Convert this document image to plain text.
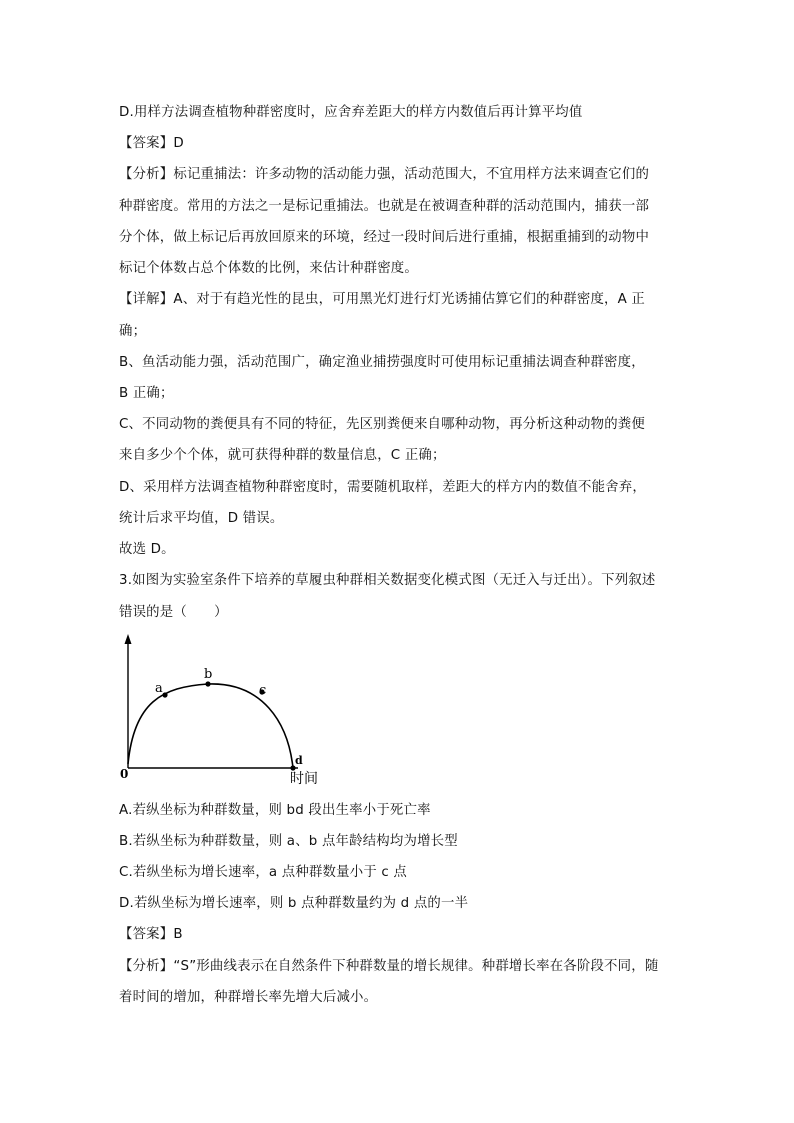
D.用样方法调查植物种群密度时，应舍弃差距大的样方内数值后再计算平均值
【答案】D
【分析】标记重捕法：许多动物的活动能力强，活动范围大，不宜用样方法来调查它们的
种群密度。常用的方法之一是标记重捕法。也就是在被调查种群的活动范围内，捕获一部
分个体，做上标记后再放回原来的环境，经过一段时间后进行重捕，根据重捕到的动物中
标记个体数占总个体数的比例，来估计种群密度。
【详解】A、对于有趋光性的昆虫，可用黑光灯进行灯光诱捕估算它们的种群密度，A 正
确；
B、鱼活动能力强，活动范围广，确定渔业捕捞强度时可使用标记重捕法调查种群密度，
B 正确；
C、不同动物的粪便具有不同的特征，先区别粪便来自哪种动物，再分析这种动物的粪便
来自多少个个体，就可获得种群的数量信息，C 正确；
D、采用样方法调查植物种群密度时，需要随机取样，差距大的样方内的数值不能舍弃，
统计后求平均值，D 错误。
故选 D。
3.如图为实验室条件下培养的草履虫种群相关数据变化模式图（无迁入与迁出）。下列叙述
错误的是（　　）
a
b
c
d
0	时间
A.若纵坐标为种群数量，则 bd 段出生率小于死亡率
B.若纵坐标为种群数量，则 a、b 点年龄结构均为增长型
C.若纵坐标为增长速率，a 点种群数量小于 c 点
D.若纵坐标为增长速率，则 b 点种群数量约为 d 点的一半
【答案】B
【分析】“S”形曲线表示在自然条件下种群数量的增长规律。种群增长率在各阶段不同，随
着时间的增加，种群增长率先增大后减小。
